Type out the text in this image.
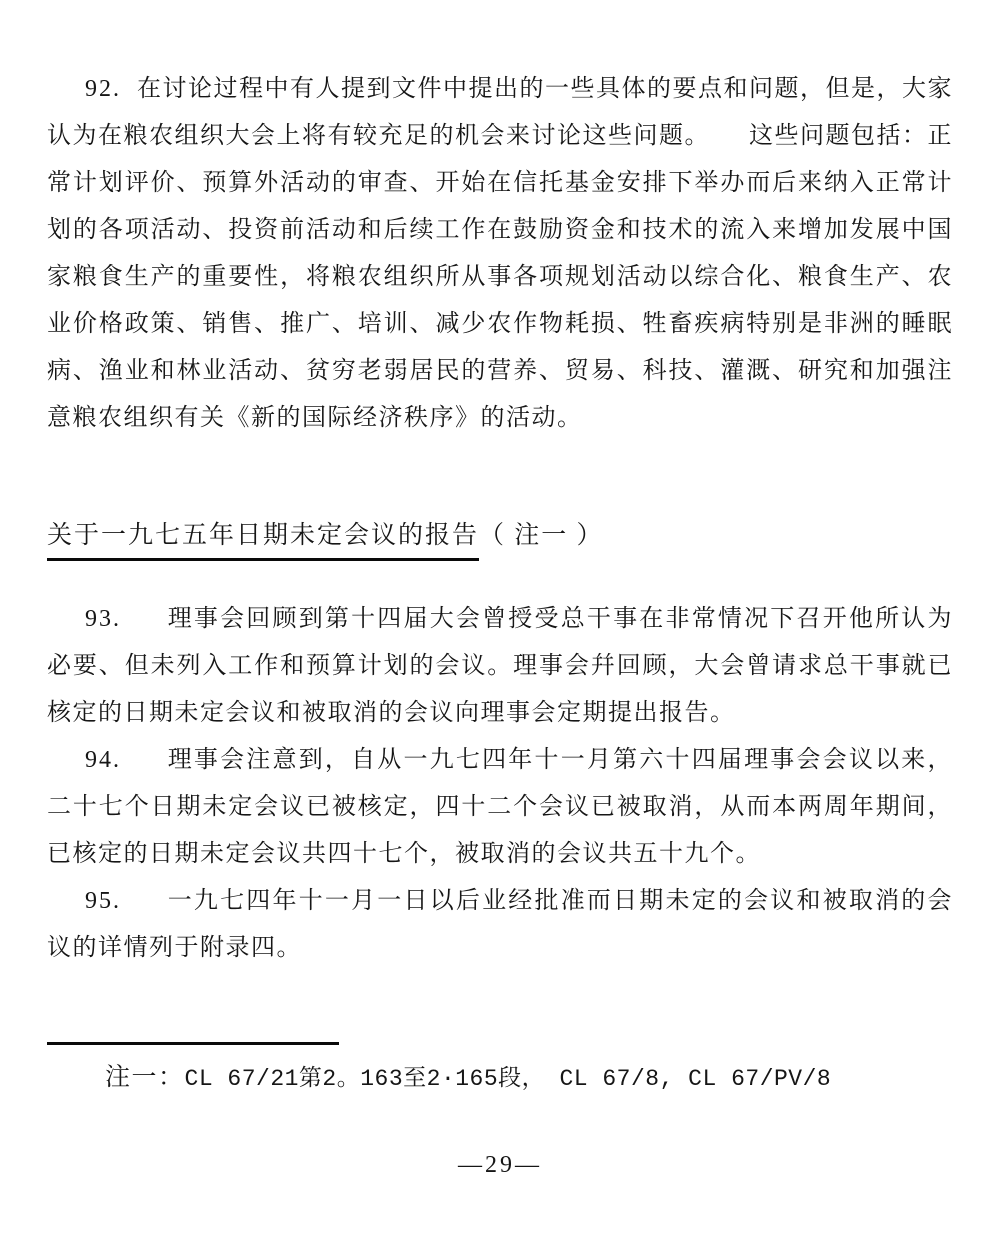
92. 在讨论过程中有人提到文件中提出的一些具体的要点和问题，但是，大家认为在粮农组织大会上将有较充足的机会来讨论这些问题。　　这些问题包括：正常计划评价、预算外活动的审查、开始在信托基金安排下举办而后来纳入正常计划的各项活动、投资前活动和后续工作在鼓励资金和技术的流入来增加发展中国家粮食生产的重要性，将粮农组织所从事各项规划活动以综合化、粮食生产、农业价格政策、销售、推广、培训、减少农作物耗损、牲畜疾病特别是非洲的睡眠病、渔业和林业活动、贫穷老弱居民的营养、贸易、科技、灌溉、研究和加强注意粮农组织有关《新的国际经济秩序》的活动。

关于一九七五年日期未定会议的报告（ 注一 ）

93. 理事会回顾到第十四届大会曾授受总干事在非常情况下召开他所认为必要、但未列入工作和预算计划的会议。理事会幷回顾，大会曾请求总干事就已核定的日期未定会议和被取消的会议向理事会定期提出报告。

94. 理事会注意到，自从一九七四年十一月第六十四届理事会会议以来，二十七个日期未定会议已被核定，四十二个会议已被取消，从而本两周年期间，已核定的日期未定会议共四十七个，被取消的会议共五十九个。

95. 一九七四年十一月一日以后业经批准而日期未定的会议和被取消的会议的详情列于附录四。

注一：CL 67/21第2。163至2·165段， CL 67/8, CL 67/PV/8

—29—
